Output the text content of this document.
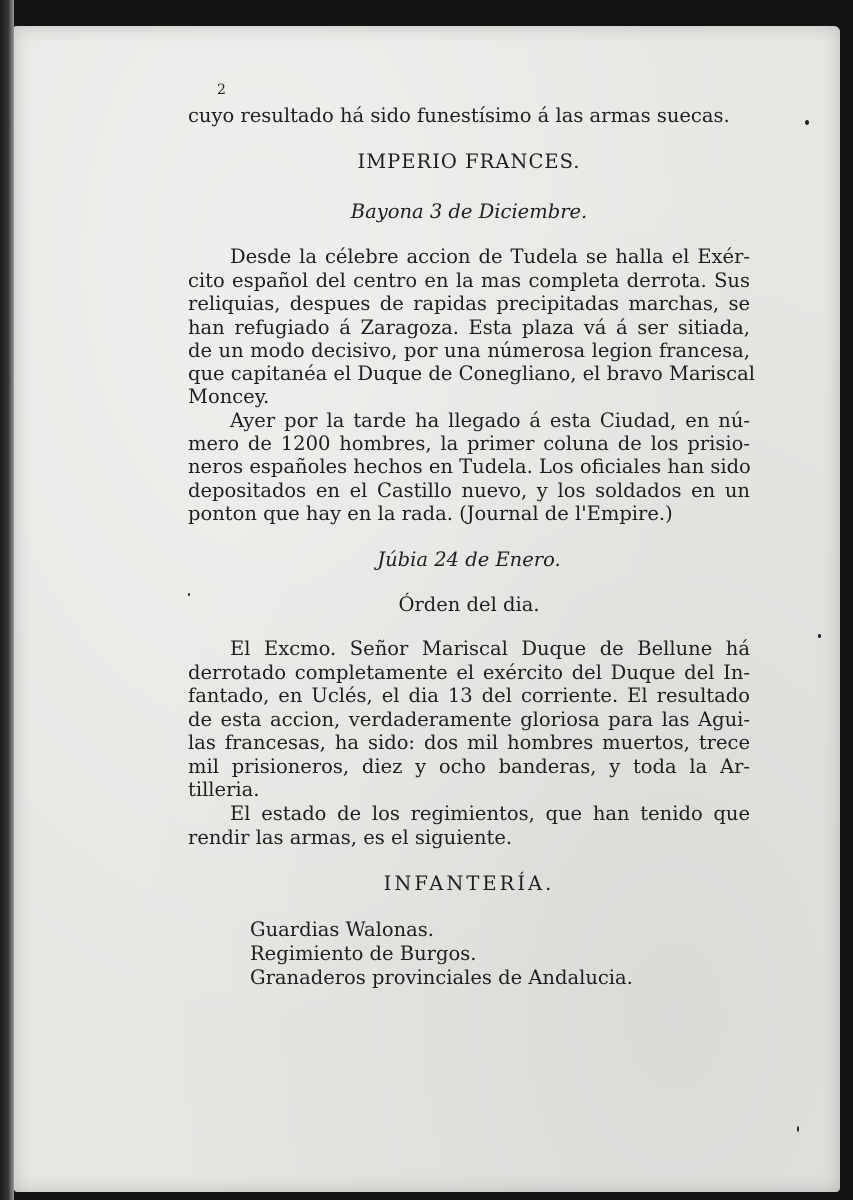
2
cuyo resultado há sido funestísimo á las armas suecas.
IMPERIO FRANCES.
Bayona 3 de Diciembre.
Desde la célebre accion de Tudela se halla el Exér-
cito español del centro en la mas completa derrota. Sus
reliquias, despues de rapidas precipitadas marchas, se
han refugiado á Zaragoza. Esta plaza vá á ser sitiada,
de un modo decisivo, por una númerosa legion francesa,
que capitanéa el Duque de Conegliano, el bravo Mariscal
Moncey.
Ayer por la tarde ha llegado á esta Ciudad, en nú-
mero de 1200 hombres, la primer coluna de los prisio-
neros españoles hechos en Tudela. Los oficiales han sido
depositados en el Castillo nuevo, y los soldados en un
ponton que hay en la rada. (Journal de l'Empire.)
Júbia 24 de Enero.
Órden del dia.
El Excmo. Señor Mariscal Duque de Bellune há
derrotado completamente el exército del Duque del In-
fantado, en Uclés, el dia 13 del corriente. El resultado
de esta accion, verdaderamente gloriosa para las Agui-
las francesas, ha sido: dos mil hombres muertos, trece
mil prisioneros, diez y ocho banderas, y toda la Ar-
tilleria.
El estado de los regimientos, que han tenido que
rendir las armas, es el siguiente.
INFANTERÍA.
Guardias Walonas.
Regimiento de Burgos.
Granaderos provinciales de Andalucia.
